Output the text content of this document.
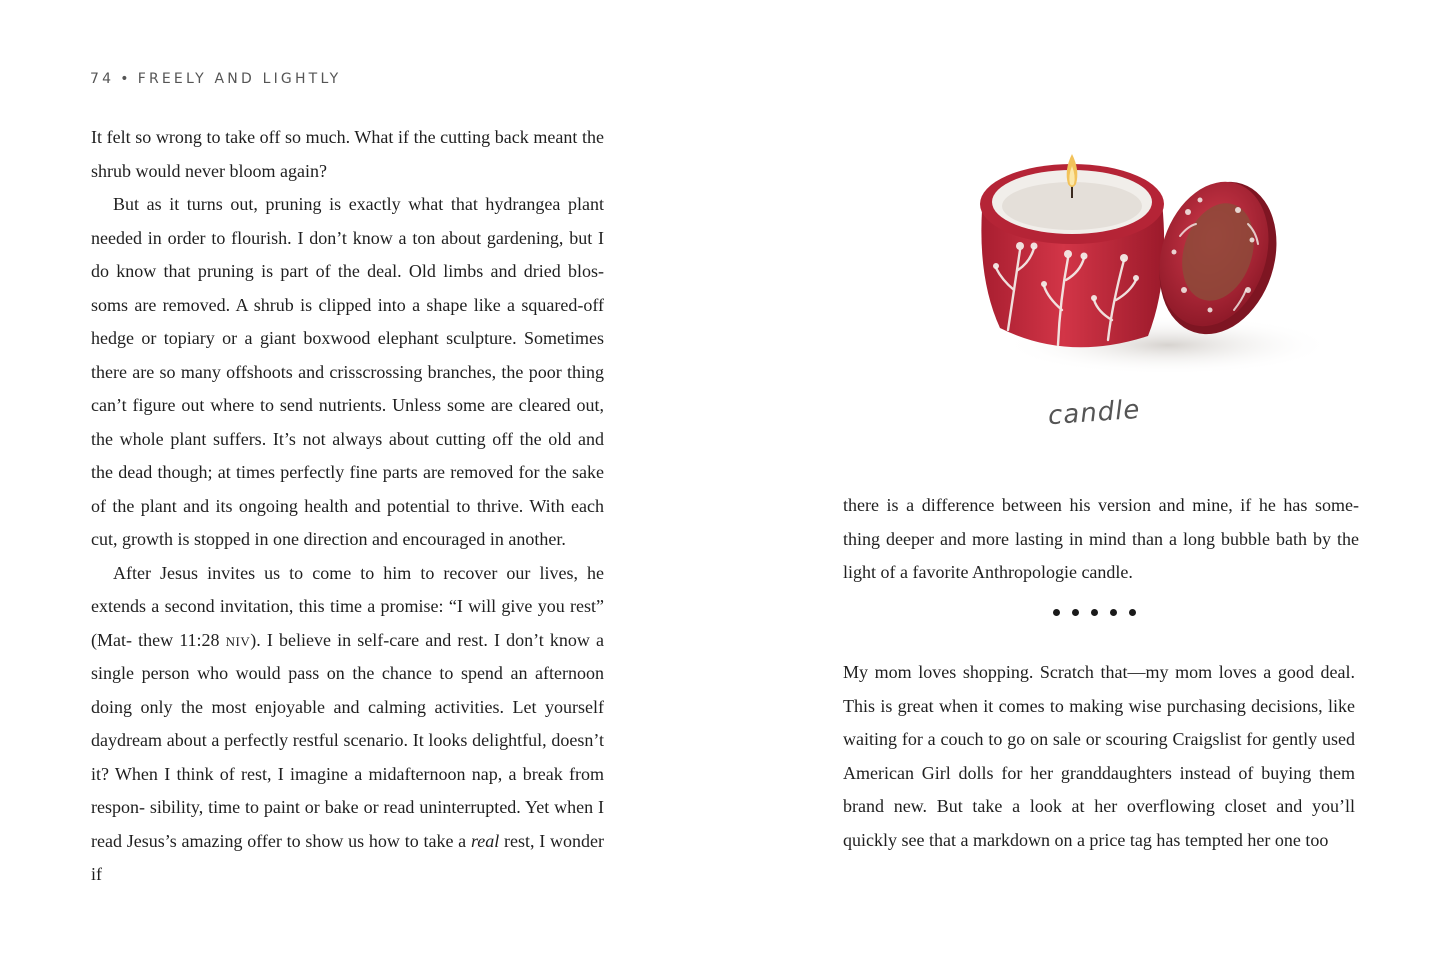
74 • FREELY AND LIGHTLY

It felt so wrong to take off so much. What if the cutting back meant the shrub would never bloom again?

But as it turns out, pruning is exactly what that hydrangea plant needed in order to flourish. I don’t know a ton about gardening, but I do know that pruning is part of the deal. Old limbs and dried blos- soms are removed. A shrub is clipped into a shape like a squared-off hedge or topiary or a giant boxwood elephant sculpture. Sometimes there are so many offshoots and crisscrossing branches, the poor thing can’t figure out where to send nutrients. Unless some are cleared out, the whole plant suffers. It’s not always about cutting off the old and the dead though; at times perfectly fine parts are removed for the sake of the plant and its ongoing health and potential to thrive. With each cut, growth is stopped in one direction and encouraged in another.

After Jesus invites us to come to him to recover our lives, he extends a second invitation, this time a promise: “I will give you rest” (Mat- thew 11:28 niv). I believe in self-care and rest. I don’t know a single person who would pass on the chance to spend an afternoon doing only the most enjoyable and calming activities. Let yourself daydream about a perfectly restful scenario. It looks delightful, doesn’t it? When I think of rest, I imagine a midafternoon nap, a break from respon- sibility, time to paint or bake or read uninterrupted. Yet when I read Jesus’s amazing offer to show us how to take a real rest, I wonder if

candle

there is a difference between his version and mine, if he has some- thing deeper and more lasting in mind than a long bubble bath by the light of a favorite Anthropologie candle.

My mom loves shopping. Scratch that—my mom loves a good deal. This is great when it comes to making wise purchasing decisions, like waiting for a couch to go on sale or scouring Craigslist for gently used American Girl dolls for her granddaughters instead of buying them brand new. But take a look at her overflowing closet and you’ll quickly see that a markdown on a price tag has tempted her one too
